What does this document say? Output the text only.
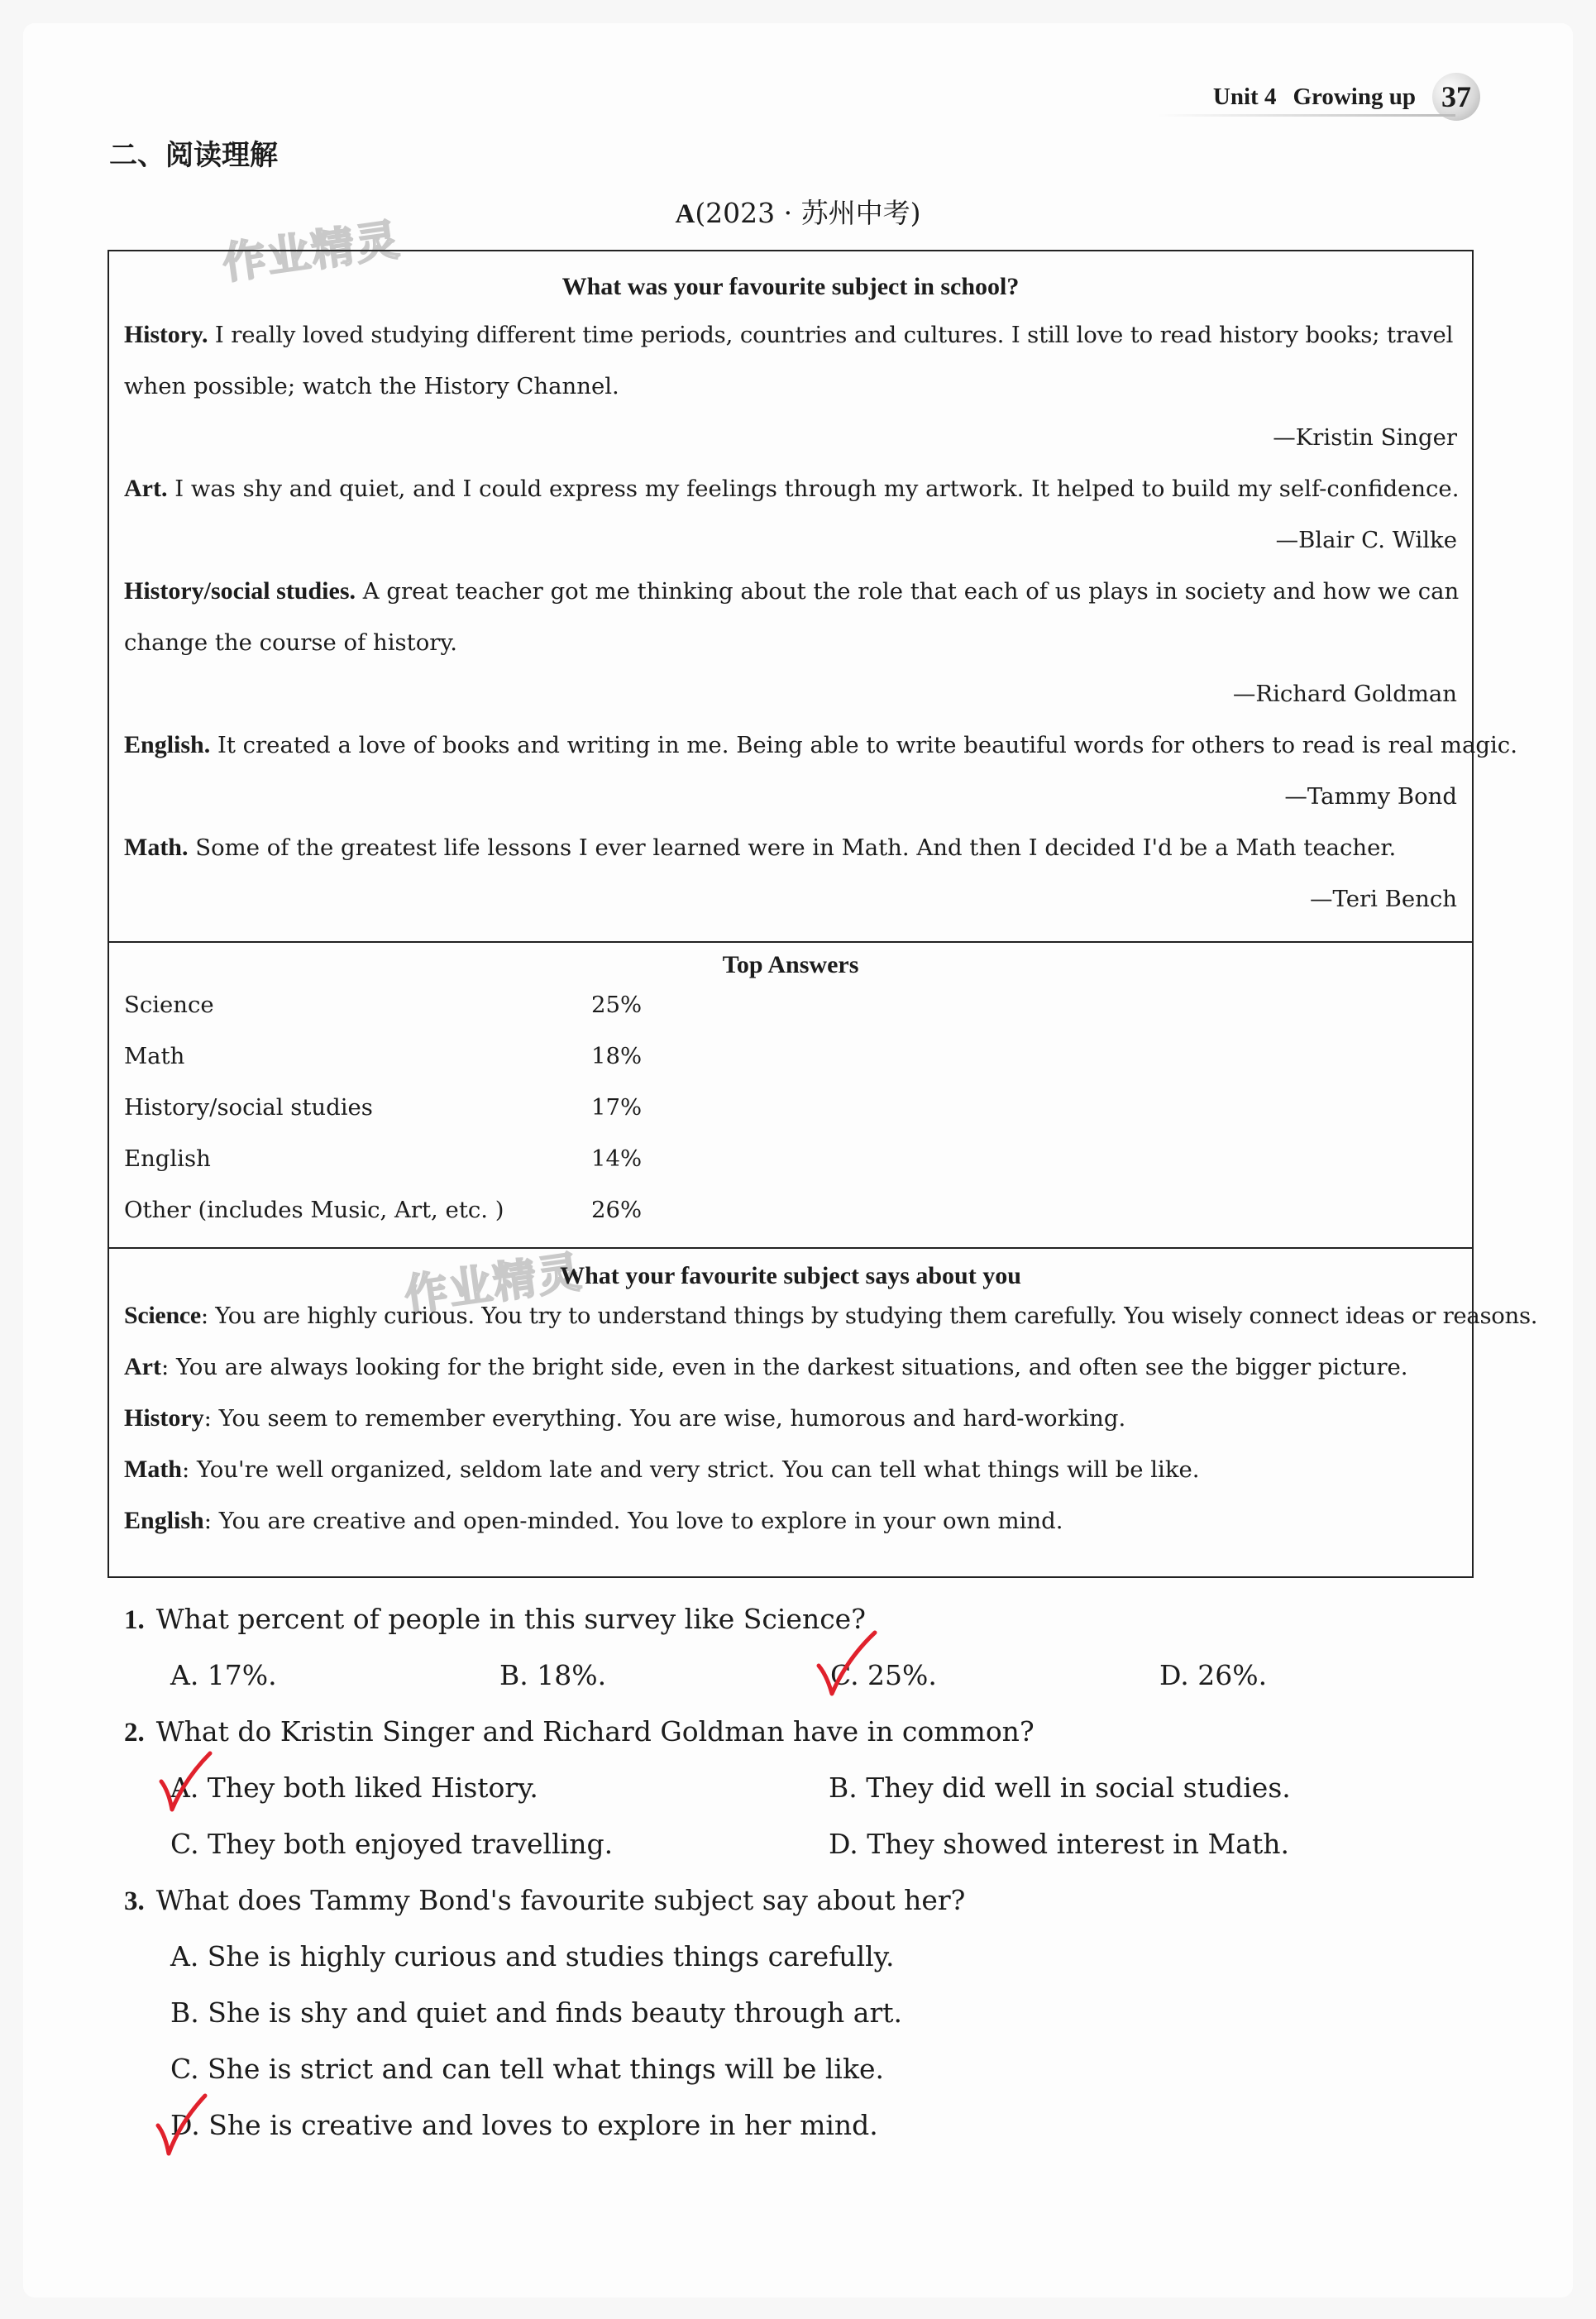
Unit 4 Growing up 37
二、阅读理解
A(2023 · 苏州中考)
作业精灵
作业精灵
What was your favourite subject in school?
History. I really loved studying different time periods, countries and cultures. I still love to read history books; travel
when possible; watch the History Channel.
—Kristin Singer
Art. I was shy and quiet, and I could express my feelings through my artwork. It helped to build my self-confidence.
—Blair C. Wilke
History/social studies. A great teacher got me thinking about the role that each of us plays in society and how we can
change the course of history.
—Richard Goldman
English. It created a love of books and writing in me. Being able to write beautiful words for others to read is real magic.
—Tammy Bond
Math. Some of the greatest life lessons I ever learned were in Math. And then I decided I'd be a Math teacher.
—Teri Bench
Top Answers
Science	25%
Math	18%
History/social studies	17%
English	14%
Other (includes Music, Art, etc. )	26%
What your favourite subject says about you
Science: You are highly curious. You try to understand things by studying them carefully. You wisely connect ideas or reasons.
Art: You are always looking for the bright side, even in the darkest situations, and often see the bigger picture.
History: You seem to remember everything. You are wise, humorous and hard-working.
Math: You're well organized, seldom late and very strict. You can tell what things will be like.
English: You are creative and open-minded. You love to explore in your own mind.
1. What percent of people in this survey like Science?
A. 17%.	B. 18%.	C. 25%.	D. 26%.
2. What do Kristin Singer and Richard Goldman have in common?
A. They both liked History.	B. They did well in social studies.
C. They both enjoyed travelling.	D. They showed interest in Math.
3. What does Tammy Bond's favourite subject say about her?
A. She is highly curious and studies things carefully.
B. She is shy and quiet and finds beauty through art.
C. She is strict and can tell what things will be like.
D. She is creative and loves to explore in her mind.
